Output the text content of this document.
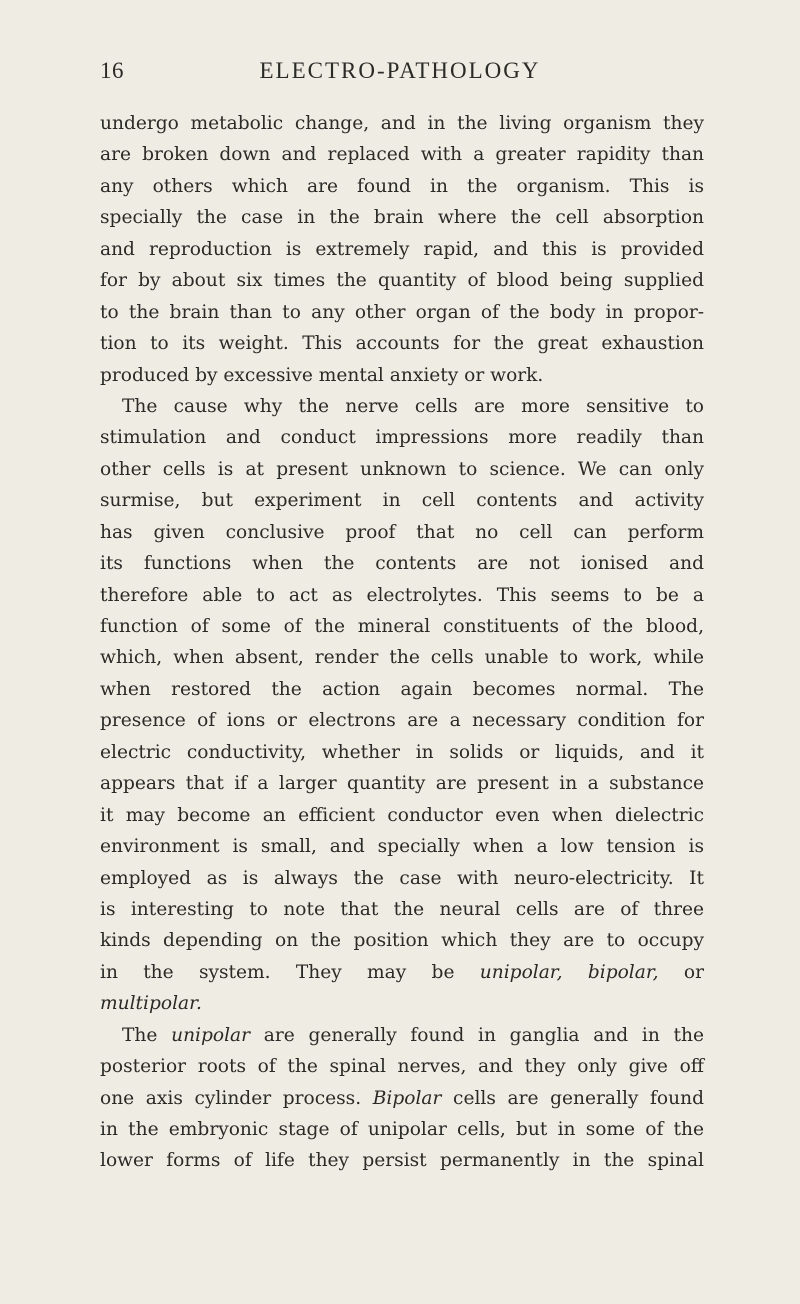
16	ELECTRO-PATHOLOGY
undergo metabolic change, and in the living organism they
are broken down and replaced with a greater rapidity than
any others which are found in the organism. This is
specially the case in the brain where the cell absorption
and reproduction is extremely rapid, and this is provided
for by about six times the quantity of blood being supplied
to the brain than to any other organ of the body in propor-
tion to its weight. This accounts for the great exhaustion
produced by excessive mental anxiety or work.
The cause why the nerve cells are more sensitive to
stimulation and conduct impressions more readily than
other cells is at present unknown to science. We can only
surmise, but experiment in cell contents and activity
has given conclusive proof that no cell can perform
its functions when the contents are not ionised and
therefore able to act as electrolytes. This seems to be a
function of some of the mineral constituents of the blood,
which, when absent, render the cells unable to work, while
when restored the action again becomes normal. The
presence of ions or electrons are a necessary condition for
electric conductivity, whether in solids or liquids, and it
appears that if a larger quantity are present in a substance
it may become an efficient conductor even when dielectric
environment is small, and specially when a low tension is
employed as is always the case with neuro-electricity. It
is interesting to note that the neural cells are of three
kinds depending on the position which they are to occupy
in the system. They may be unipolar, bipolar, or
multipolar.
The unipolar are generally found in ganglia and in the
posterior roots of the spinal nerves, and they only give off
one axis cylinder process. Bipolar cells are generally found
in the embryonic stage of unipolar cells, but in some of the
lower forms of life they persist permanently in the spinal
